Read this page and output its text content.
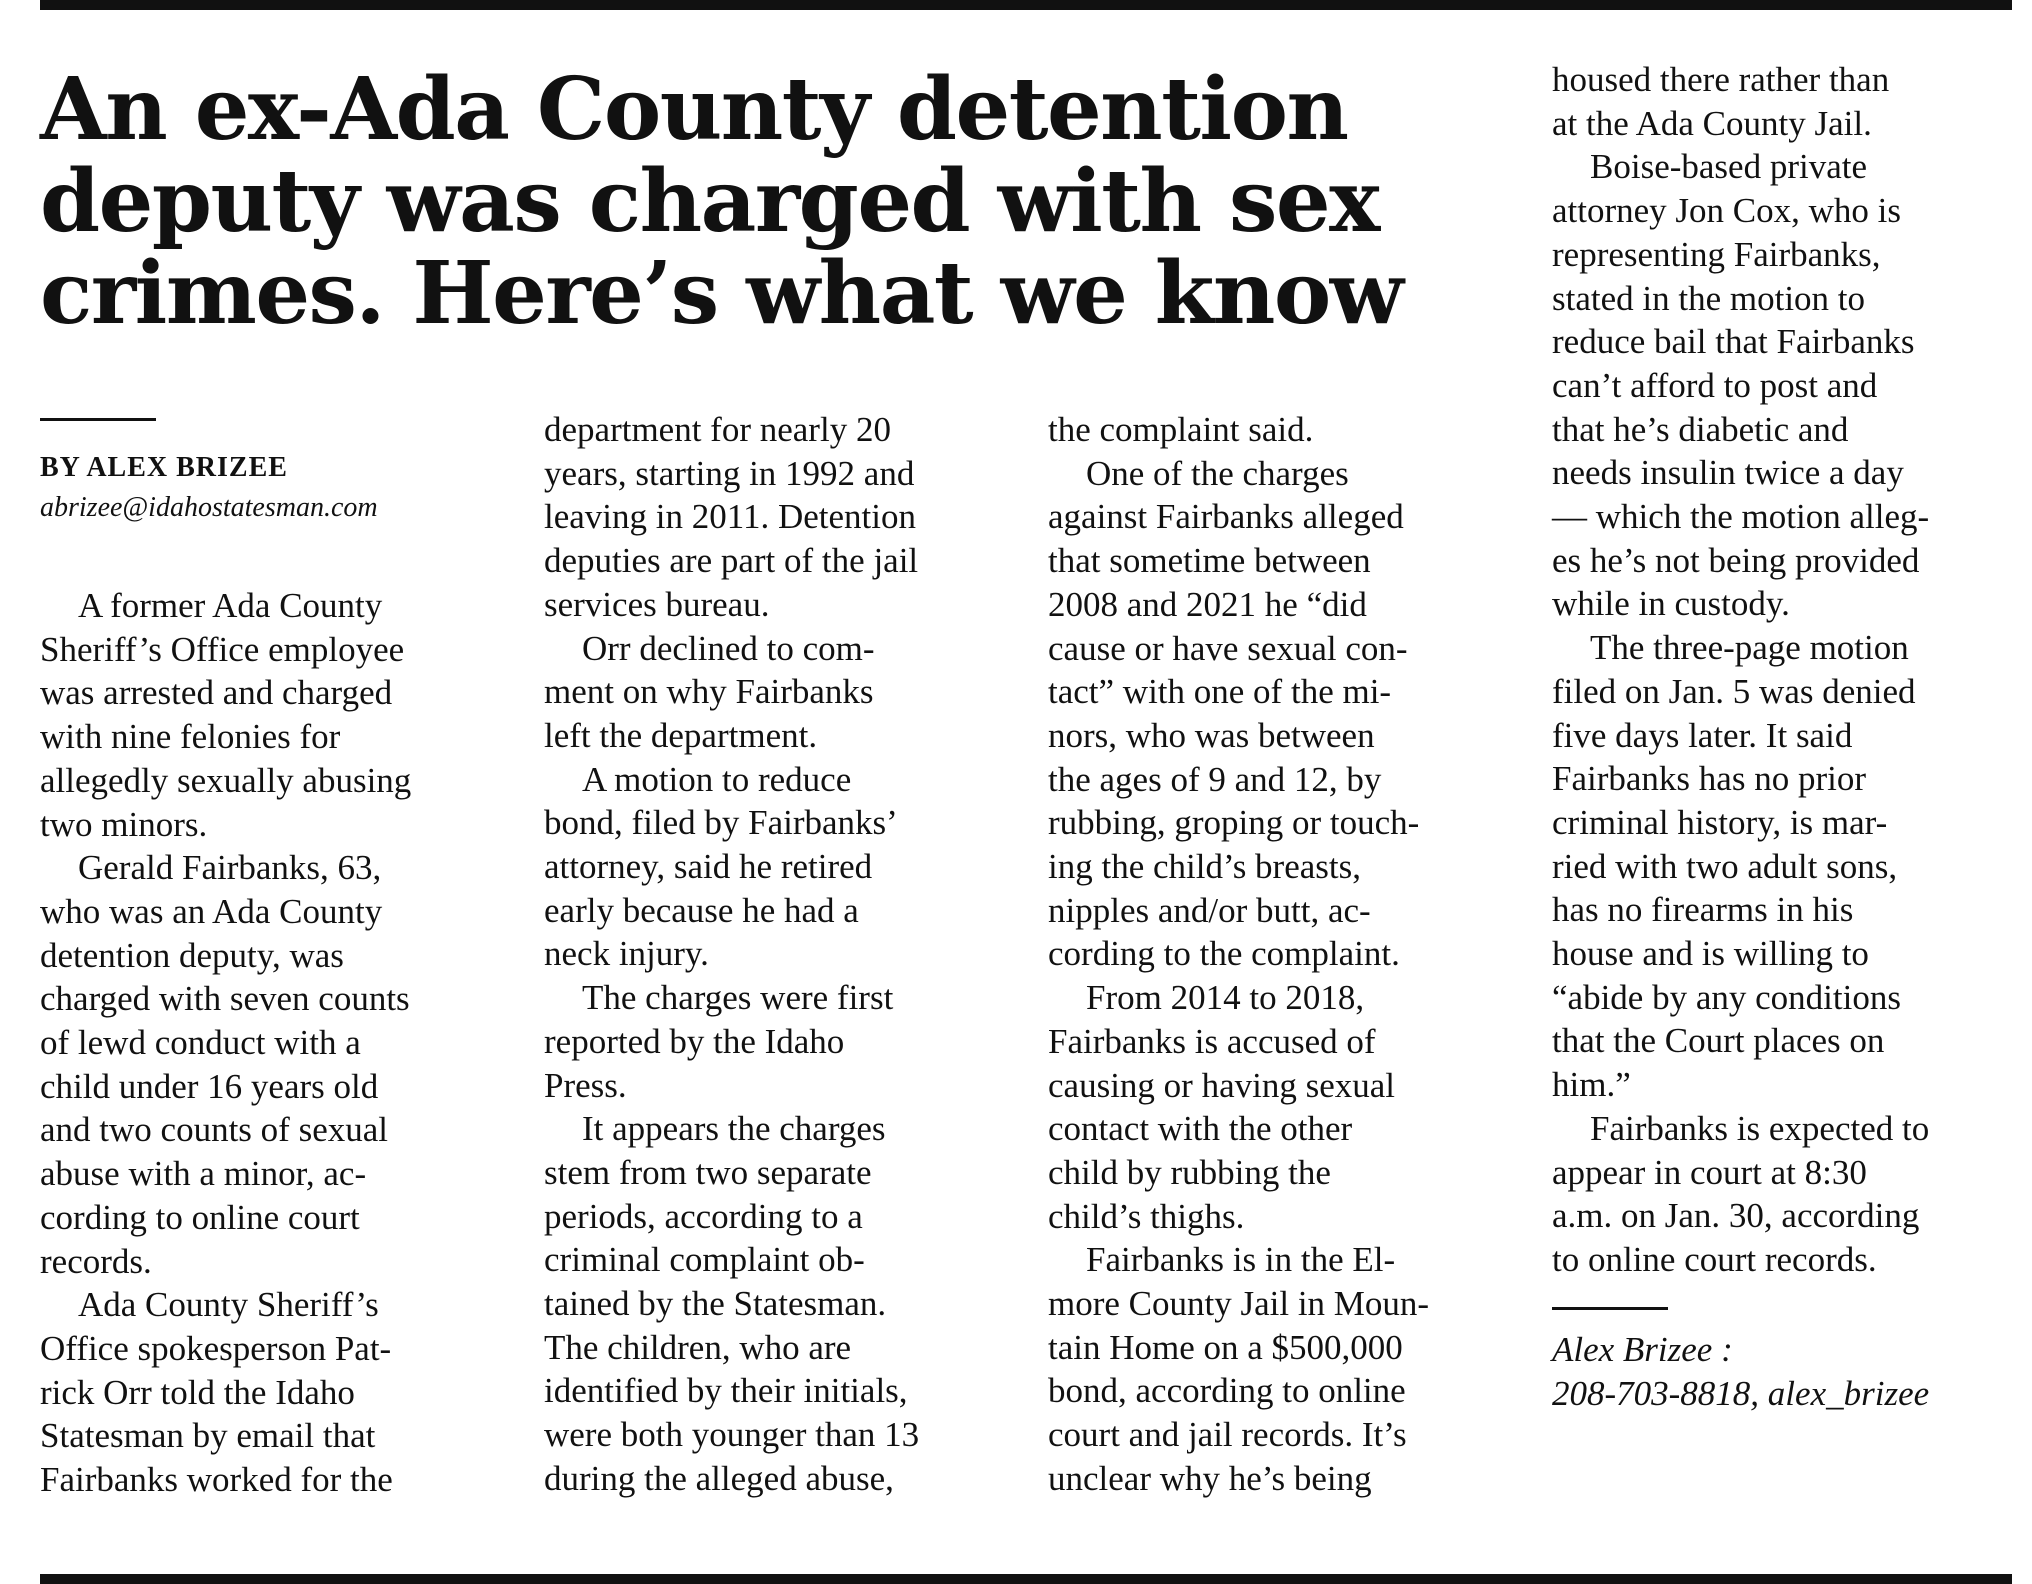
An ex-Ada County detention
deputy was charged with sex
crimes. Here’s what we know
BY ALEX BRIZEE
abrizee@idahostatesman.com
A former Ada County
Sheriff’s Office employee
was arrested and charged
with nine felonies for
allegedly sexually abusing
two minors.
Gerald Fairbanks, 63,
who was an Ada County
detention deputy, was
charged with seven counts
of lewd conduct with a
child under 16 years old
and two counts of sexual
abuse with a minor, ac-
cording to online court
records.
Ada County Sheriff’s
Office spokesperson Pat-
rick Orr told the Idaho
Statesman by email that
Fairbanks worked for the
department for nearly 20
years, starting in 1992 and
leaving in 2011. Detention
deputies are part of the jail
services bureau.
Orr declined to com-
ment on why Fairbanks
left the department.
A motion to reduce
bond, filed by Fairbanks’
attorney, said he retired
early because he had a
neck injury.
The charges were first
reported by the Idaho
Press.
It appears the charges
stem from two separate
periods, according to a
criminal complaint ob-
tained by the Statesman.
The children, who are
identified by their initials,
were both younger than 13
during the alleged abuse,
the complaint said.
One of the charges
against Fairbanks alleged
that sometime between
2008 and 2021 he “did
cause or have sexual con-
tact” with one of the mi-
nors, who was between
the ages of 9 and 12, by
rubbing, groping or touch-
ing the child’s breasts,
nipples and/or butt, ac-
cording to the complaint.
From 2014 to 2018,
Fairbanks is accused of
causing or having sexual
contact with the other
child by rubbing the
child’s thighs.
Fairbanks is in the El-
more County Jail in Moun-
tain Home on a $500,000
bond, according to online
court and jail records. It’s
unclear why he’s being
housed there rather than
at the Ada County Jail.
Boise-based private
attorney Jon Cox, who is
representing Fairbanks,
stated in the motion to
reduce bail that Fairbanks
can’t afford to post and
that he’s diabetic and
needs insulin twice a day
— which the motion alleg-
es he’s not being provided
while in custody.
The three-page motion
filed on Jan. 5 was denied
five days later. It said
Fairbanks has no prior
criminal history, is mar-
ried with two adult sons,
has no firearms in his
house and is willing to
“abide by any conditions
that the Court places on
him.”
Fairbanks is expected to
appear in court at 8:30
a.m. on Jan. 30, according
to online court records.
Alex Brizee :
208-703-8818, alex_brizee
